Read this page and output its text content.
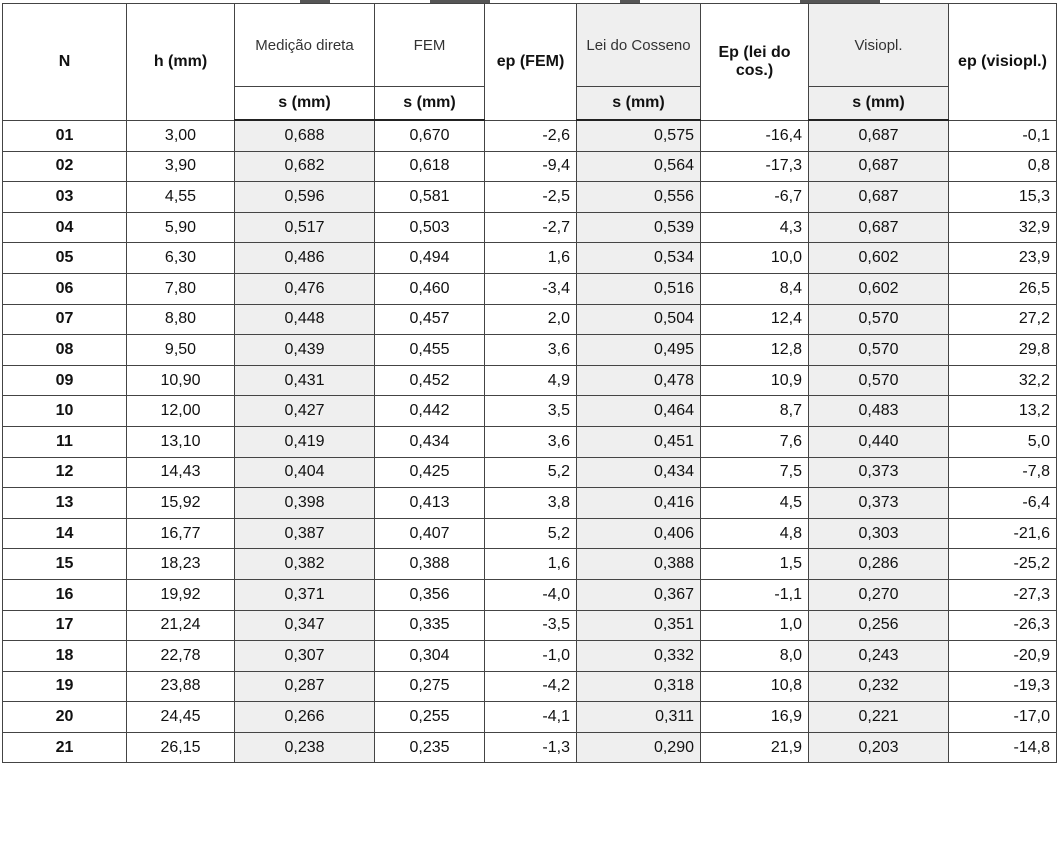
N	h (mm)	Medição direta	FEM	ep (FEM)	Lei do Cosseno	Ep (lei do cos.)	Visiopl.	ep (visiopl.)
		s (mm)	s (mm)		s (mm)		s (mm)	
01	3,00	0,688	0,670	-2,6	0,575	-16,4	0,687	-0,1
02	3,90	0,682	0,618	-9,4	0,564	-17,3	0,687	0,8
03	4,55	0,596	0,581	-2,5	0,556	-6,7	0,687	15,3
04	5,90	0,517	0,503	-2,7	0,539	4,3	0,687	32,9
05	6,30	0,486	0,494	1,6	0,534	10,0	0,602	23,9
06	7,80	0,476	0,460	-3,4	0,516	8,4	0,602	26,5
07	8,80	0,448	0,457	2,0	0,504	12,4	0,570	27,2
08	9,50	0,439	0,455	3,6	0,495	12,8	0,570	29,8
09	10,90	0,431	0,452	4,9	0,478	10,9	0,570	32,2
10	12,00	0,427	0,442	3,5	0,464	8,7	0,483	13,2
11	13,10	0,419	0,434	3,6	0,451	7,6	0,440	5,0
12	14,43	0,404	0,425	5,2	0,434	7,5	0,373	-7,8
13	15,92	0,398	0,413	3,8	0,416	4,5	0,373	-6,4
14	16,77	0,387	0,407	5,2	0,406	4,8	0,303	-21,6
15	18,23	0,382	0,388	1,6	0,388	1,5	0,286	-25,2
16	19,92	0,371	0,356	-4,0	0,367	-1,1	0,270	-27,3
17	21,24	0,347	0,335	-3,5	0,351	1,0	0,256	-26,3
18	22,78	0,307	0,304	-1,0	0,332	8,0	0,243	-20,9
19	23,88	0,287	0,275	-4,2	0,318	10,8	0,232	-19,3
20	24,45	0,266	0,255	-4,1	0,311	16,9	0,221	-17,0
21	26,15	0,238	0,235	-1,3	0,290	21,9	0,203	-14,8
